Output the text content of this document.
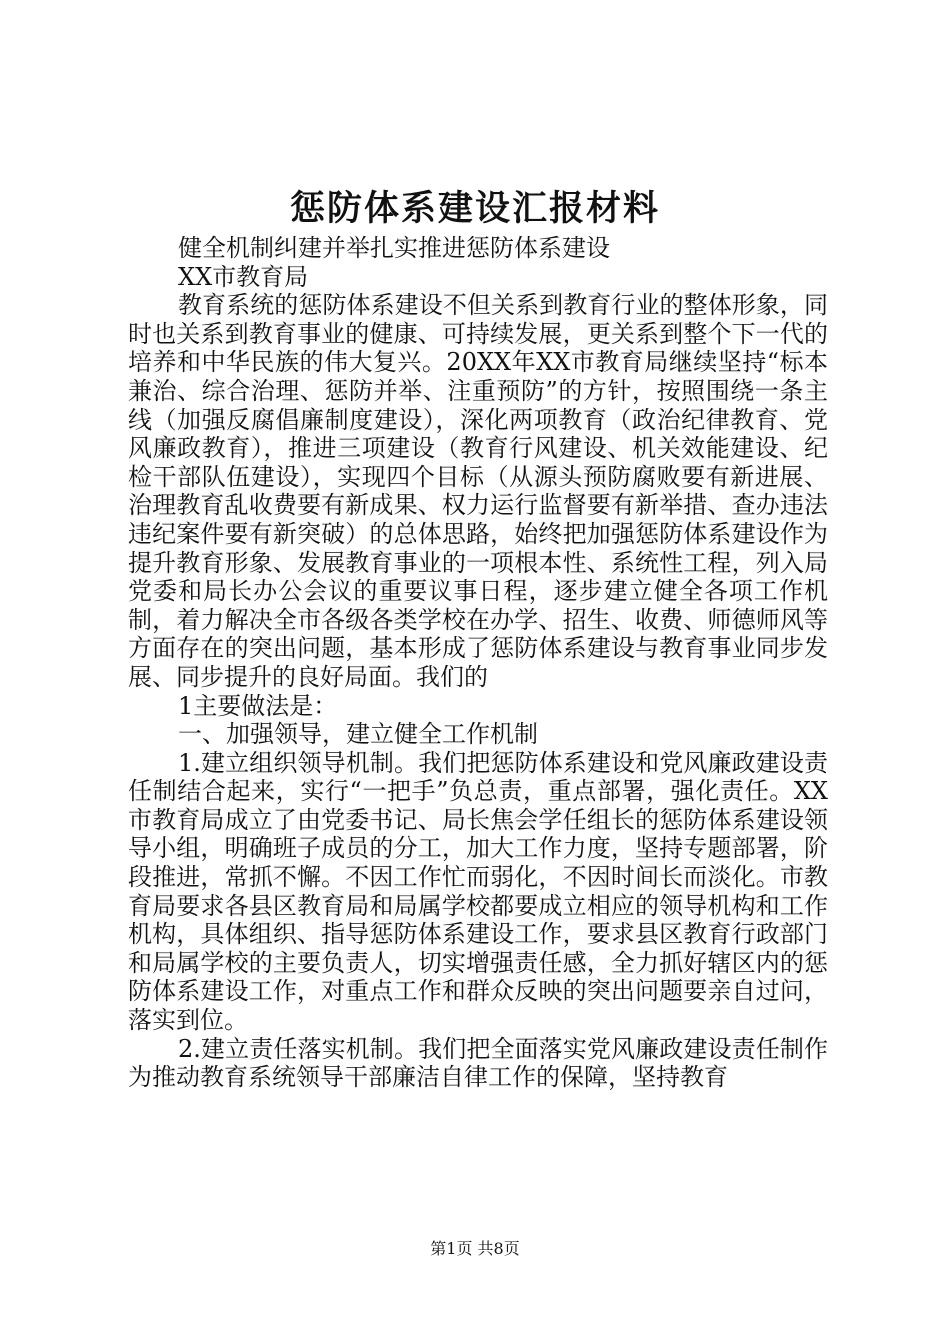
惩防体系建设汇报材料

健全机制纠建并举扎实推进惩防体系建设

XX市教育局

教育系统的惩防体系建设不但关系到教育行业的整体形象，同时也关系到教育事业的健康、可持续发展，更关系到整个下一代的培养和中华民族的伟大复兴。20XX年XX市教育局继续坚持“标本兼治、综合治理、惩防并举、注重预防”的方针，按照围绕一条主线（加强反腐倡廉制度建设），深化两项教育（政治纪律教育、党风廉政教育），推进三项建设（教育行风建设、机关效能建设、纪检干部队伍建设），实现四个目标（从源头预防腐败要有新进展、治理教育乱收费要有新成果、权力运行监督要有新举措、查办违法违纪案件要有新突破）的总体思路，始终把加强惩防体系建设作为提升教育形象、发展教育事业的一项根本性、系统性工程，列入局党委和局长办公会议的重要议事日程，逐步建立健全各项工作机制，着力解决全市各级各类学校在办学、招生、收费、师德师风等方面存在的突出问题，基本形成了惩防体系建设与教育事业同步发展、同步提升的良好局面。我们的

1主要做法是：

一、加强领导，建立健全工作机制

1.建立组织领导机制。我们把惩防体系建设和党风廉政建设责任制结合起来，实行“一把手”负总责，重点部署，强化责任。XX市教育局成立了由党委书记、局长焦会学任组长的惩防体系建设领导小组，明确班子成员的分工，加大工作力度，坚持专题部署，阶段推进，常抓不懈。不因工作忙而弱化，不因时间长而淡化。市教育局要求各县区教育局和局属学校都要成立相应的领导机构和工作机构，具体组织、指导惩防体系建设工作，要求县区教育行政部门和局属学校的主要负责人，切实增强责任感，全力抓好辖区内的惩防体系建设工作，对重点工作和群众反映的突出问题要亲自过问，落实到位。

2.建立责任落实机制。我们把全面落实党风廉政建设责任制作为推动教育系统领导干部廉洁自律工作的保障，坚持教育

第1页 共8页
